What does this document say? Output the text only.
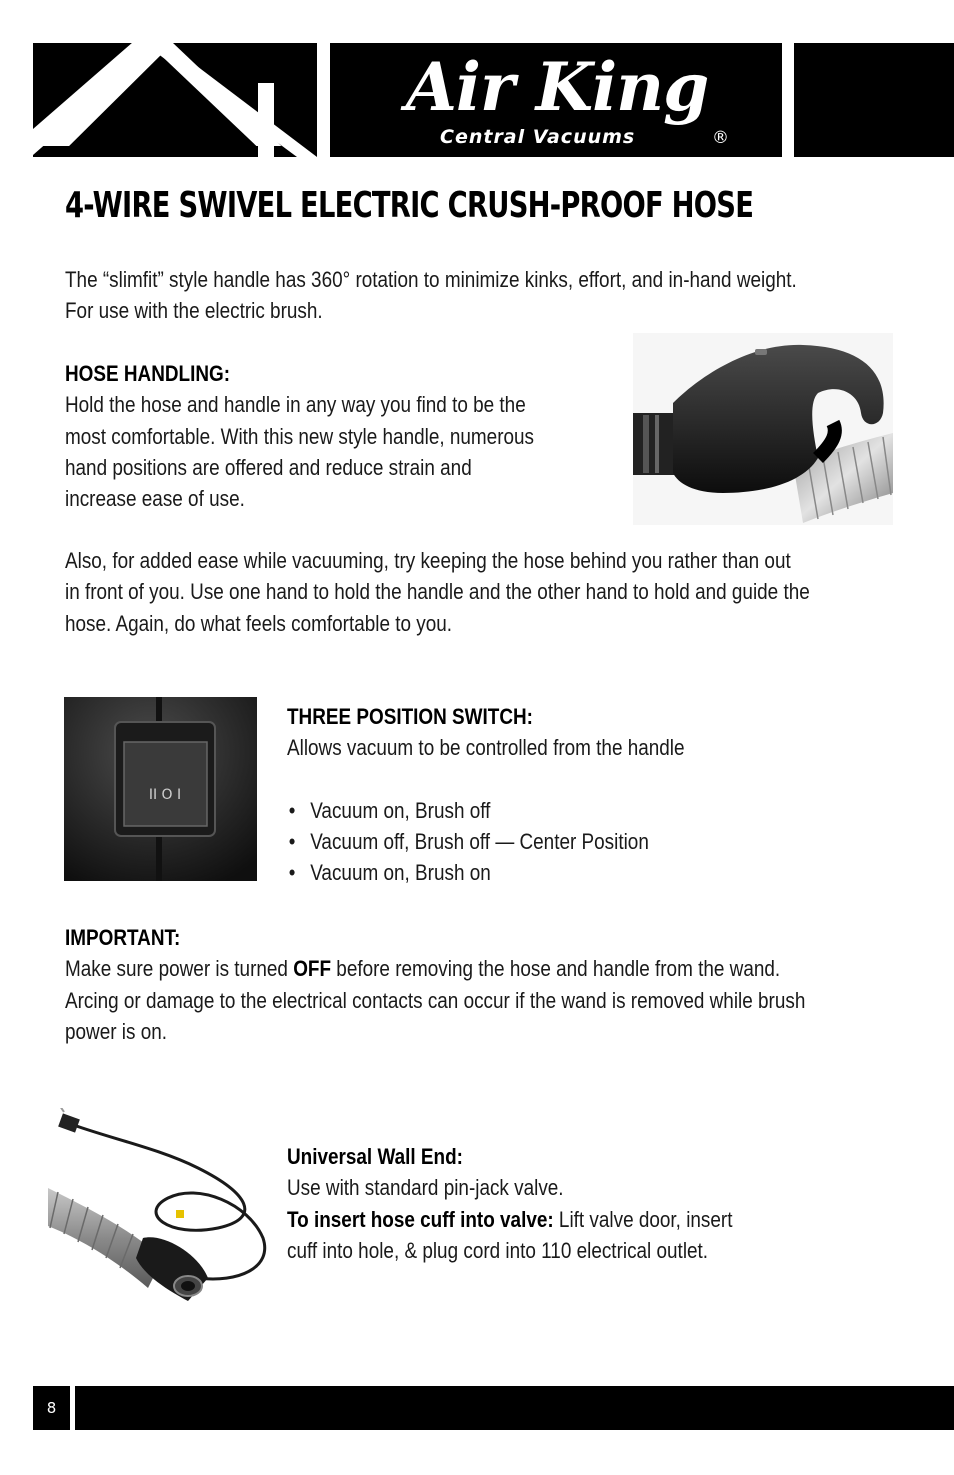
Air King
Central Vacuums	®
4-WIRE SWIVEL ELECTRIC CRUSH-PROOF HOSE

The “slimfit” style handle has 360° rotation to minimize kinks, effort, and in-hand weight.

For use with the electric brush.

HOSE HANDLING:

Hold the hose and handle in any way you find to be the

most comfortable. With this new style handle, numerous

hand positions are offered and reduce strain and

increase ease of use.

Also, for added ease while vacuuming, try keeping the hose behind you rather than out

in front of you. Use one hand to hold the handle and the other hand to hold and guide the

hose. Again, do what feels comfortable to you.

II O I

THREE POSITION SWITCH:

Allows vacuum to be controlled from the handle

• Vacuum on, Brush off
• Vacuum off, Brush off — Center Position
• Vacuum on, Brush on

IMPORTANT:

Make sure power is turned OFF before removing the hose and handle from the wand.

Arcing or damage to the electrical contacts can occur if the wand is removed while brush

power is on.

Universal Wall End:

Use with standard pin-jack valve.

To insert hose cuff into valve: Lift valve door, insert

cuff into hole, & plug cord into 110 electrical outlet.

8
